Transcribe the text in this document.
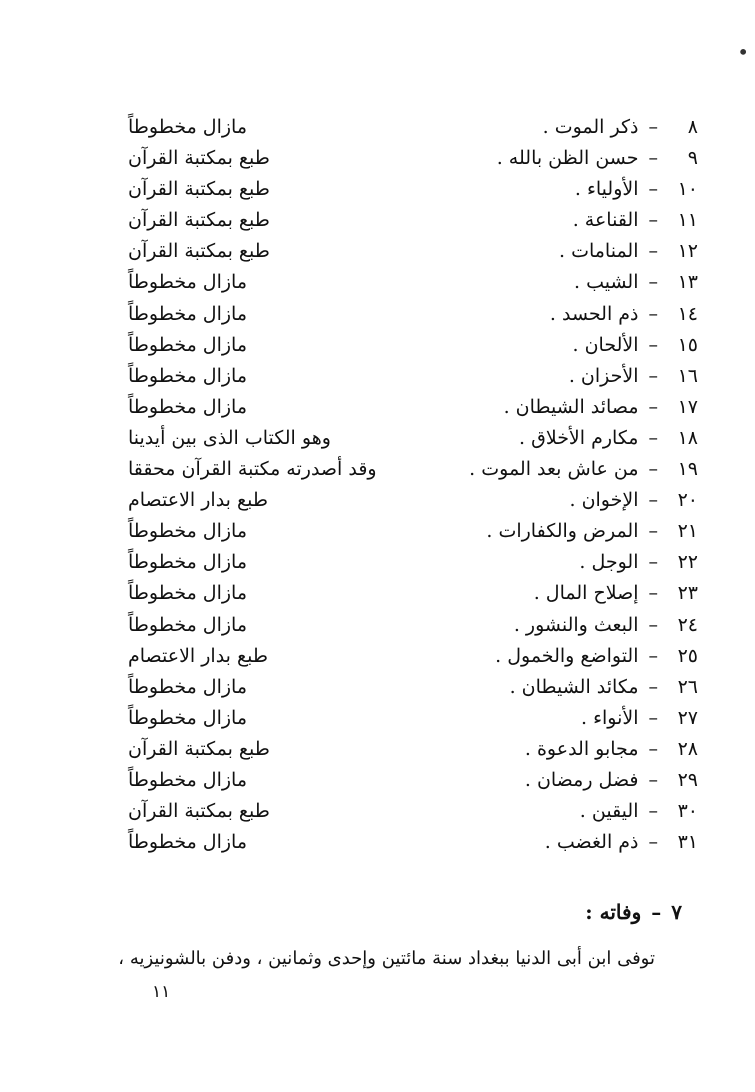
•
٨–ذكر الموت .
مازال مخطوطاً
٩–حسن الظن بالله .
طبع بمكتبة القرآن
١٠–الأولياء .
طبع بمكتبة القرآن
١١–القناعة .
طبع بمكتبة القرآن
١٢–المنامات .
طبع بمكتبة القرآن
١٣–الشيب .
مازال مخطوطاً
١٤–ذم الحسد .
مازال مخطوطاً
١٥–الألحان .
مازال مخطوطاً
١٦–الأحزان .
مازال مخطوطاً
١٧–مصائد الشيطان .
مازال مخطوطاً
١٨–مكارم الأخلاق .
وهو الكتاب الذى بين أيدينا
١٩–من عاش بعد الموت .
وقد أصدرته مكتبة القرآن محققا
٢٠–الإخوان .
طبع بدار الاعتصام
٢١–المرض والكفارات .
مازال مخطوطاً
٢٢–الوجل .
مازال مخطوطاً
٢٣–إصلاح المال .
مازال مخطوطاً
٢٤–البعث والنشور .
مازال مخطوطاً
٢٥–التواضع والخمول .
طبع بدار الاعتصام
٢٦–مكائد الشيطان .
مازال مخطوطاً
٢٧–الأنواء .
مازال مخطوطاً
٢٨–مجابو الدعوة .
طبع بمكتبة القرآن
٢٩–فضل رمضان .
مازال مخطوطاً
٣٠–اليقين .
طبع بمكتبة القرآن
٣١–ذم الغضب .
مازال مخطوطاً
٧–وفاته :
توفى ابن أبى الدنيا ببغداد سنة مائتين وإحدى وثمانين ، ودفن بالشونيزيه ،
١١
